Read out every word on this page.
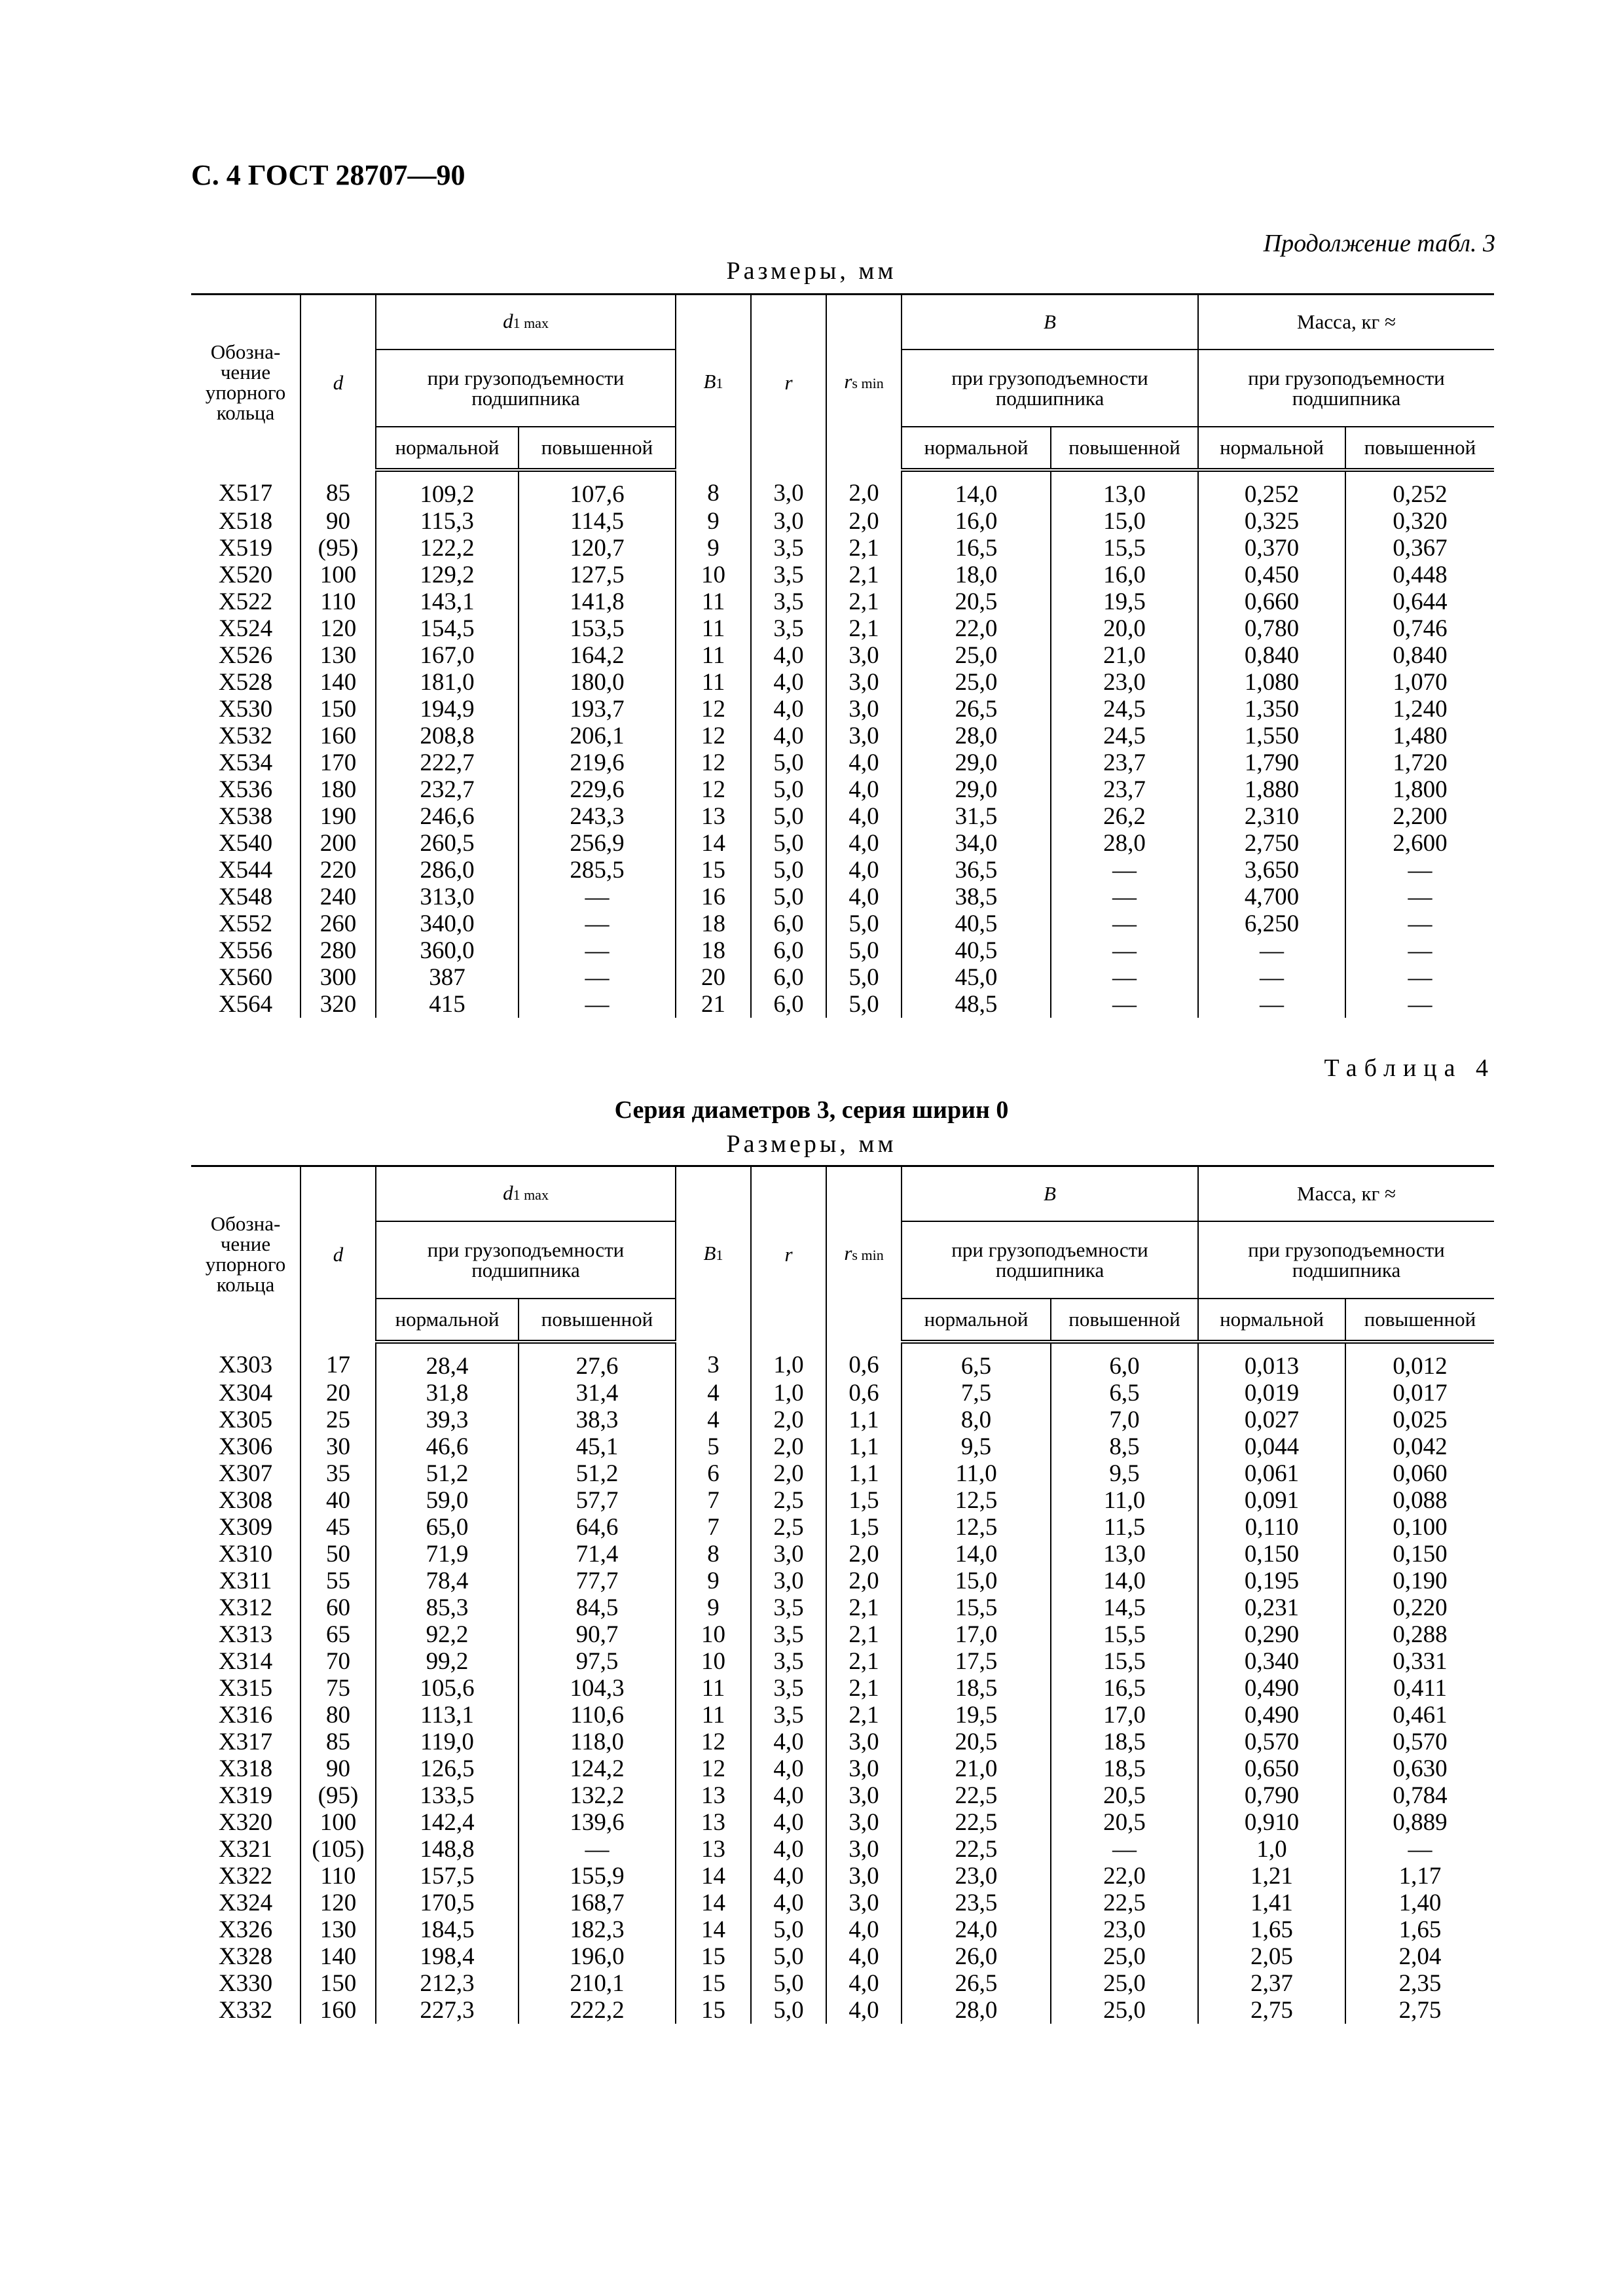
С. 4 ГОСТ 28707—90
Продолжение табл. 3
Размеры, мм
Обозна-чение упорного кольца	d	d1 max		B1	r	rs min	B		Масса, кг ≈	
		при грузоподъемности подшипника					при грузоподъемности подшипника		при грузоподъемности подшипника	
		нормальной	повышенной				нормальной	повышенной	нормальной	повышенной
X517	85	109,2	107,6	8	3,0	2,0	14,0	13,0	0,252	0,252
X518	90	115,3	114,5	9	3,0	2,0	16,0	15,0	0,325	0,320
X519	(95)	122,2	120,7	9	3,5	2,1	16,5	15,5	0,370	0,367
X520	100	129,2	127,5	10	3,5	2,1	18,0	16,0	0,450	0,448
X522	110	143,1	141,8	11	3,5	2,1	20,5	19,5	0,660	0,644
X524	120	154,5	153,5	11	3,5	2,1	22,0	20,0	0,780	0,746
X526	130	167,0	164,2	11	4,0	3,0	25,0	21,0	0,840	0,840
X528	140	181,0	180,0	11	4,0	3,0	25,0	23,0	1,080	1,070
X530	150	194,9	193,7	12	4,0	3,0	26,5	24,5	1,350	1,240
X532	160	208,8	206,1	12	4,0	3,0	28,0	24,5	1,550	1,480
X534	170	222,7	219,6	12	5,0	4,0	29,0	23,7	1,790	1,720
X536	180	232,7	229,6	12	5,0	4,0	29,0	23,7	1,880	1,800
X538	190	246,6	243,3	13	5,0	4,0	31,5	26,2	2,310	2,200
X540	200	260,5	256,9	14	5,0	4,0	34,0	28,0	2,750	2,600
X544	220	286,0	285,5	15	5,0	4,0	36,5	—	3,650	—
X548	240	313,0	—	16	5,0	4,0	38,5	—	4,700	—
X552	260	340,0	—	18	6,0	5,0	40,5	—	6,250	—
X556	280	360,0	—	18	6,0	5,0	40,5	—	—	—
X560	300	387	—	20	6,0	5,0	45,0	—	—	—
X564	320	415	—	21	6,0	5,0	48,5	—	—	—
Таблица 4
Серия диаметров 3, серия ширин 0
Размеры, мм
Обозна-чение упорного кольца	d	d1 max		B1	r	rs min	B		Масса, кг ≈	
		при грузоподъемности подшипника					при грузоподъемности подшипника		при грузоподъемности подшипника	
		нормальной	повышенной				нормальной	повышенной	нормальной	повышенной
X303	17	28,4	27,6	3	1,0	0,6	6,5	6,0	0,013	0,012
X304	20	31,8	31,4	4	1,0	0,6	7,5	6,5	0,019	0,017
X305	25	39,3	38,3	4	2,0	1,1	8,0	7,0	0,027	0,025
X306	30	46,6	45,1	5	2,0	1,1	9,5	8,5	0,044	0,042
X307	35	51,2	51,2	6	2,0	1,1	11,0	9,5	0,061	0,060
X308	40	59,0	57,7	7	2,5	1,5	12,5	11,0	0,091	0,088
X309	45	65,0	64,6	7	2,5	1,5	12,5	11,5	0,110	0,100
X310	50	71,9	71,4	8	3,0	2,0	14,0	13,0	0,150	0,150
X311	55	78,4	77,7	9	3,0	2,0	15,0	14,0	0,195	0,190
X312	60	85,3	84,5	9	3,5	2,1	15,5	14,5	0,231	0,220
X313	65	92,2	90,7	10	3,5	2,1	17,0	15,5	0,290	0,288
X314	70	99,2	97,5	10	3,5	2,1	17,5	15,5	0,340	0,331
X315	75	105,6	104,3	11	3,5	2,1	18,5	16,5	0,490	0,411
X316	80	113,1	110,6	11	3,5	2,1	19,5	17,0	0,490	0,461
X317	85	119,0	118,0	12	4,0	3,0	20,5	18,5	0,570	0,570
X318	90	126,5	124,2	12	4,0	3,0	21,0	18,5	0,650	0,630
X319	(95)	133,5	132,2	13	4,0	3,0	22,5	20,5	0,790	0,784
X320	100	142,4	139,6	13	4,0	3,0	22,5	20,5	0,910	0,889
X321	(105)	148,8	—	13	4,0	3,0	22,5	—	1,0	—
X322	110	157,5	155,9	14	4,0	3,0	23,0	22,0	1,21	1,17
X324	120	170,5	168,7	14	4,0	3,0	23,5	22,5	1,41	1,40
X326	130	184,5	182,3	14	5,0	4,0	24,0	23,0	1,65	1,65
X328	140	198,4	196,0	15	5,0	4,0	26,0	25,0	2,05	2,04
X330	150	212,3	210,1	15	5,0	4,0	26,5	25,0	2,37	2,35
X332	160	227,3	222,2	15	5,0	4,0	28,0	25,0	2,75	2,75
